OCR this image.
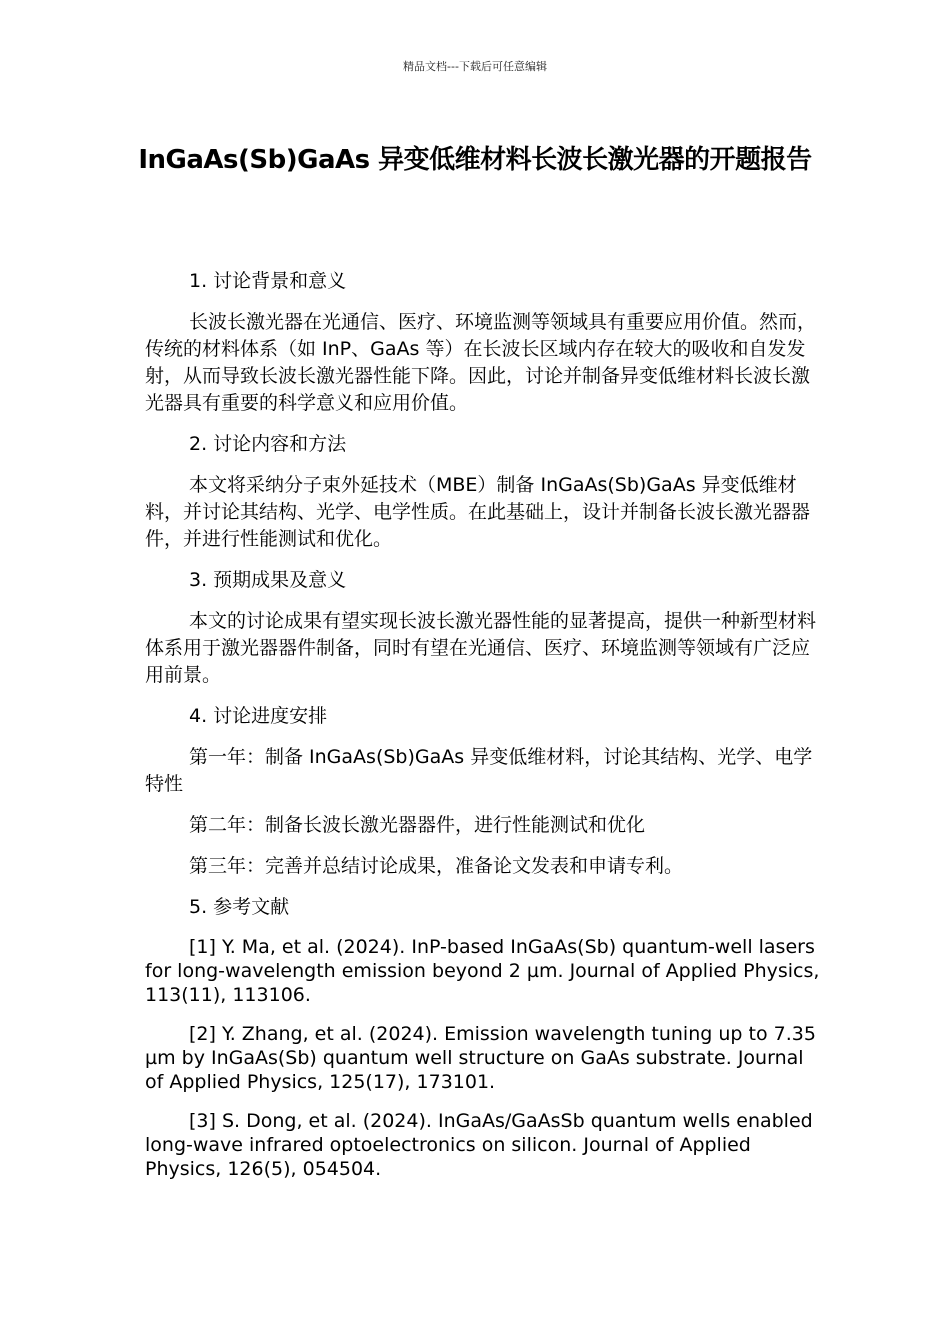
精品文档---下载后可任意编辑
InGaAs(Sb)GaAs 异变低维材料长波长激光器的开题报告

1. 讨论背景和意义

长波长激光器在光通信、医疗、环境监测等领域具有重要应用价值。然而，传统的材料体系（如 InP、GaAs 等）在长波长区域内存在较大的吸收和自发发射，从而导致长波长激光器性能下降。因此，讨论并制备异变低维材料长波长激光器具有重要的科学意义和应用价值。

2. 讨论内容和方法

本文将采纳分子束外延技术（MBE）制备 InGaAs(Sb)GaAs 异变低维材料，并讨论其结构、光学、电学性质。在此基础上，设计并制备长波长激光器器件，并进行性能测试和优化。

3. 预期成果及意义

本文的讨论成果有望实现长波长激光器性能的显著提高，提供一种新型材料体系用于激光器器件制备，同时有望在光通信、医疗、环境监测等领域有广泛应用前景。

4. 讨论进度安排

第一年：制备 InGaAs(Sb)GaAs 异变低维材料，讨论其结构、光学、电学特性

第二年：制备长波长激光器器件，进行性能测试和优化

第三年：完善并总结讨论成果，准备论文发表和申请专利。

5. 参考文献

[1] Y. Ma, et al. (2024). InP-based InGaAs(Sb) quantum-well lasers for long-wavelength emission beyond 2 µm. Journal of Applied Physics, 113(11), 113106.

[2] Y. Zhang, et al. (2024). Emission wavelength tuning up to 7.35 µm by InGaAs(Sb) quantum well structure on GaAs substrate. Journal of Applied Physics, 125(17), 173101.

[3] S. Dong, et al. (2024). InGaAs/GaAsSb quantum wells enabled long-wave infrared optoelectronics on silicon. Journal of Applied Physics, 126(5), 054504.
